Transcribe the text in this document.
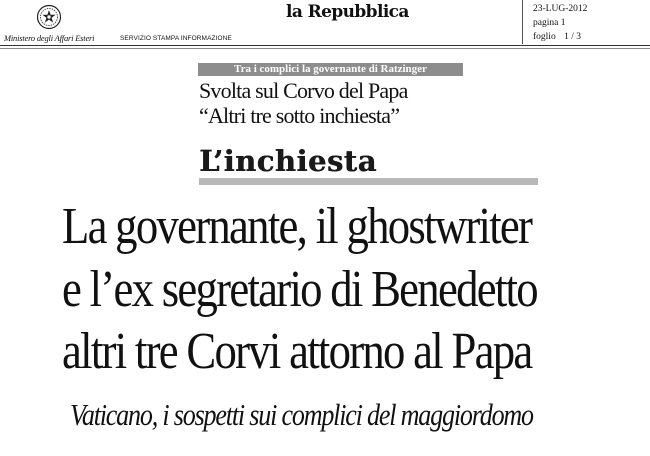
Ministero degli Affari Esteri	SERVIZIO STAMPA INFORMAZIONE
la Repubblica	23-LUG-2012
pagina 1
foglio 1 / 3
Tra i complici la governante di Ratzinger
Svolta sul Corvo del Papa
“Altri tre sotto inchiesta”
L’inchiesta
La governante, il ghostwriter
e l’ex segretario di Benedetto
altri tre Corvi attorno al Papa
Vaticano, i sospetti sui complici del maggiordomo
